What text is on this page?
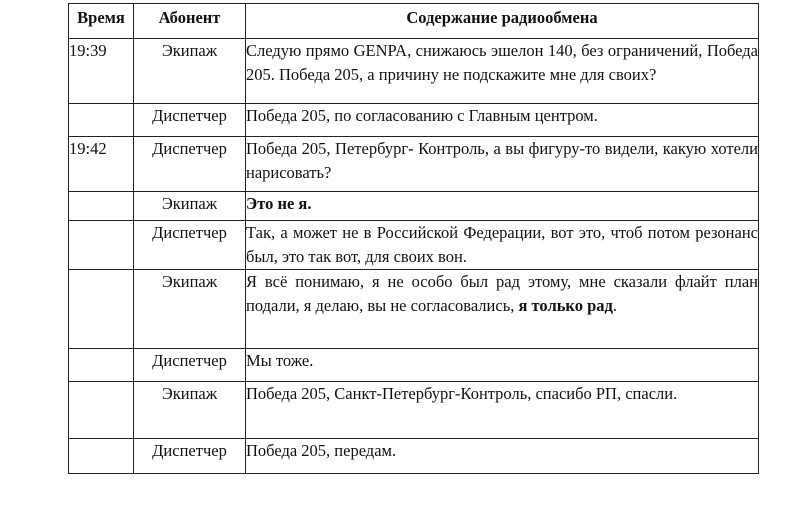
Время	Абонент	Содержание радиообмена
19:39	Экипаж	Следую прямо GENPA, снижаюсь эшелон 140, без ограничений, Победа 205. Победа 205, а причину не подскажите мне для своих?
	Диспетчер	Победа 205, по согласованию с Главным центром.
19:42	Диспетчер	Победа 205, Петербург- Контроль, а вы фигуру-то видели, какую хотели нарисовать?
	Экипаж	Это не я.
	Диспетчер	Так, а может не в Российской Федерации, вот это, чтоб потом резонанс был, это так вот, для своих вон.
	Экипаж	Я всё понимаю, я не особо был рад этому, мне сказали флайт план подали, я делаю, вы не согласовались, я только рад.
	Диспетчер	Мы тоже.
	Экипаж	Победа 205, Санкт-Петербург-Контроль, спасибо РП, спасли.
	Диспетчер	Победа 205, передам.
